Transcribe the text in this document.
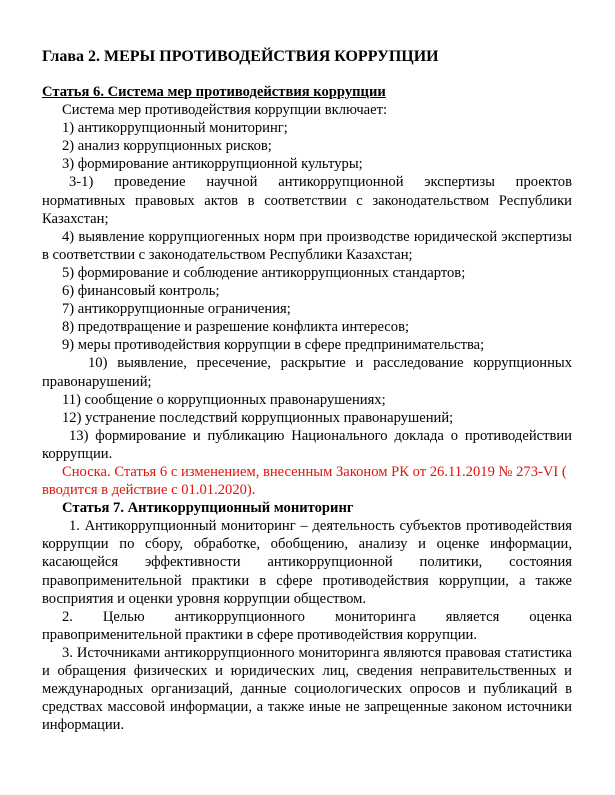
Глава 2. МЕРЫ ПРОТИВОДЕЙСТВИЯ КОРРУПЦИИ

Статья 6. Система мер противодействия коррупции

Система мер противодействия коррупции включает:

1) антикоррупционный мониторинг;

2) анализ коррупционных рисков;

3) формирование антикоррупционной культуры;

3-1) проведение научной антикоррупционной экспертизы проектов нормативных правовых актов в соответствии с законодательством Республики Казахстан;

4) выявление коррупциогенных норм при производстве юридической экспертизы в соответствии с законодательством Республики Казахстан;

5) формирование и соблюдение антикоррупционных стандартов;

6) финансовый контроль;

7) антикоррупционные ограничения;

8) предотвращение и разрешение конфликта интересов;

9) меры противодействия коррупции в сфере предпринимательства;

10) выявление, пресечение, раскрытие и расследование коррупционных правонарушений;

11) сообщение о коррупционных правонарушениях;

12) устранение последствий коррупционных правонарушений;

13) формирование и публикацию Национального доклада о противодействии коррупции.

Сноска. Статья 6 с изменением, внесенным Законом РК от 26.11.2019 № 273-VI ( вводится в действие с 01.01.2020).

Статья 7. Антикоррупционный мониторинг

1. Антикоррупционный мониторинг – деятельность субъектов противодействия коррупции по сбору, обработке, обобщению, анализу и оценке информации, касающейся эффективности антикоррупционной политики, состояния правоприменительной практики в сфере противодействия коррупции, а также восприятия и оценки уровня коррупции обществом.

2. Целью антикоррупционного мониторинга является оценка правоприменительной практики в сфере противодействия коррупции.

3. Источниками антикоррупционного мониторинга являются правовая статистика и обращения физических и юридических лиц, сведения неправительственных и международных организаций, данные социологических опросов и публикаций в средствах массовой информации, а также иные не запрещенные законом источники информации.
